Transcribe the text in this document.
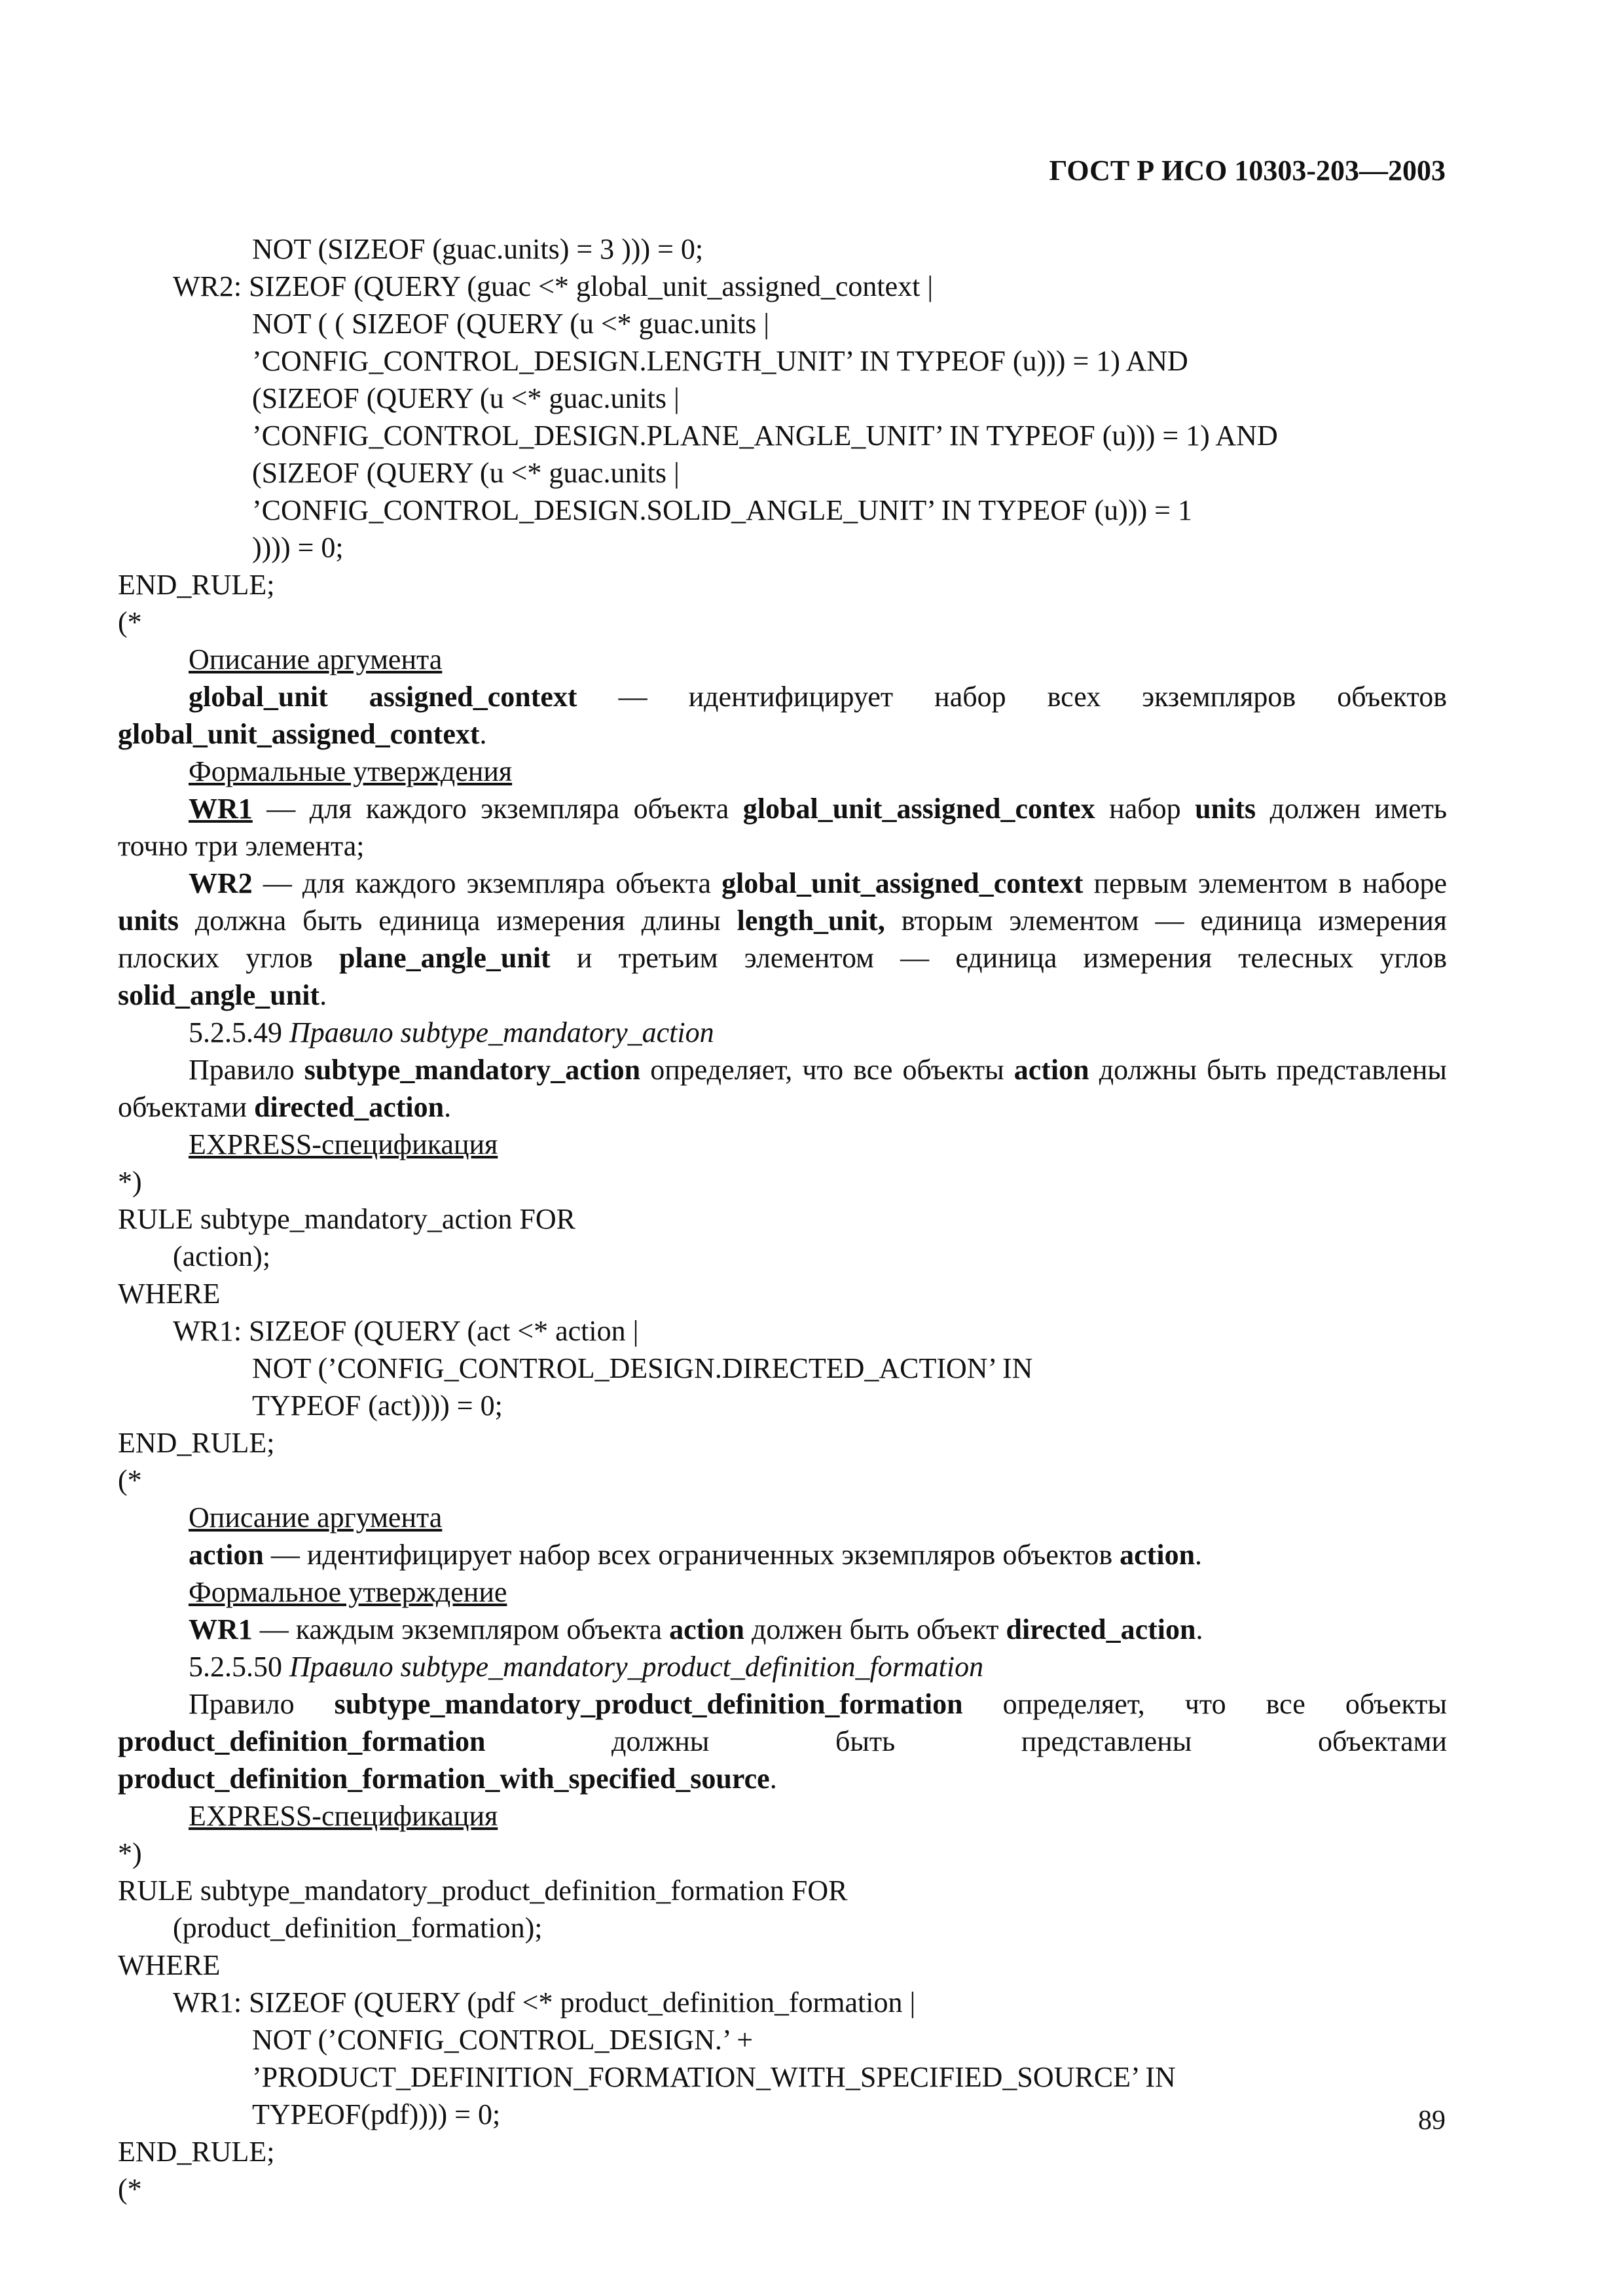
ГОСТ Р ИСО 10303-203—2003
NOT (SIZEOF (guac.units) = 3 ))) = 0;
WR2: SIZEOF (QUERY (guac <* global_unit_assigned_context |
NOT ( ( SIZEOF (QUERY (u <* guac.units |
’CONFIG_CONTROL_DESIGN.LENGTH_UNIT’ IN TYPEOF (u))) = 1) AND
(SIZEOF (QUERY (u <* guac.units |
’CONFIG_CONTROL_DESIGN.PLANE_ANGLE_UNIT’ IN TYPEOF (u))) = 1) AND
(SIZEOF (QUERY (u <* guac.units |
’CONFIG_CONTROL_DESIGN.SOLID_ANGLE_UNIT’ IN TYPEOF (u))) = 1
)))) = 0;
END_RULE;
(*
Описание аргумента

global_unit assigned_context — идентифицирует набор всех экземпляров объектов global_unit_assigned_context.

Формальные утверждения

WR1 — для каждого экземпляра объекта global_unit_assigned_contex набор units должен иметь точно три элемента;

WR2 — для каждого экземпляра объекта global_unit_assigned_context первым элементом в наборе units должна быть единица измерения длины length_unit, вторым элементом — единица измерения плоских углов plane_angle_unit и третьим элементом — единица измерения телесных углов solid_angle_unit.

5.2.5.49 Правило subtype_mandatory_action

Правило subtype_mandatory_action определяет, что все объекты action должны быть представлены объектами directed_action.

EXPRESS-спецификация
*)
RULE subtype_mandatory_action FOR
(action);
WHERE
WR1: SIZEOF (QUERY (act <* action |
NOT (’CONFIG_CONTROL_DESIGN.DIRECTED_ACTION’ IN
TYPEOF (act)))) = 0;
END_RULE;
(*
Описание аргумента

action — идентифицирует набор всех ограниченных экземпляров объектов action.

Формальное утверждение

WR1 — каждым экземпляром объекта action должен быть объект directed_action.

5.2.5.50 Правило subtype_mandatory_product_definition_formation

Правило subtype_mandatory_product_definition_formation определяет, что все объекты product_definition_formation должны быть представлены объектами product_definition_formation_with_specified_source.

EXPRESS-спецификация
*)
RULE subtype_mandatory_product_definition_formation FOR
(product_definition_formation);
WHERE
WR1: SIZEOF (QUERY (pdf <* product_definition_formation |
NOT (’CONFIG_CONTROL_DESIGN.’ +
’PRODUCT_DEFINITION_FORMATION_WITH_SPECIFIED_SOURCE’ IN
TYPEOF(pdf)))) = 0;
END_RULE;
(*
89
